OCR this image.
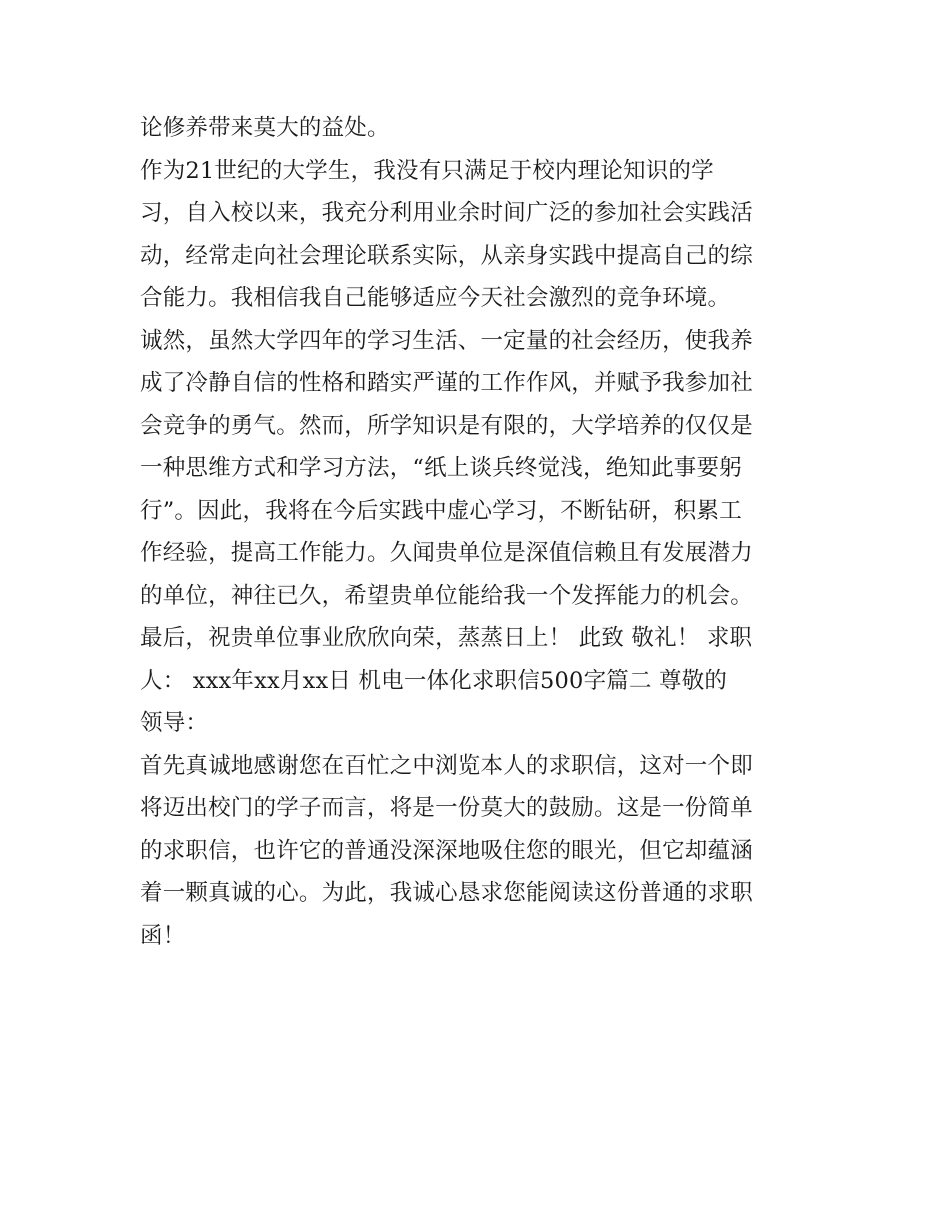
论修养带来莫大的益处。
作为21世纪的大学生，我没有只满足于校内理论知识的学
习，自入校以来，我充分利用业余时间广泛的参加社会实践活
动，经常走向社会理论联系实际，从亲身实践中提高自己的综
合能力。我相信我自己能够适应今天社会激烈的竞争环境。
诚然，虽然大学四年的学习生活、一定量的社会经历，使我养
成了冷静自信的性格和踏实严谨的工作作风，并赋予我参加社
会竞争的勇气。然而，所学知识是有限的，大学培养的仅仅是
一种思维方式和学习方法，“纸上谈兵终觉浅，绝知此事要躬
行”。因此，我将在今后实践中虚心学习，不断钻研，积累工
作经验，提高工作能力。久闻贵单位是深值信赖且有发展潜力
的单位，神往已久，希望贵单位能给我一个发挥能力的机会。
最后，祝贵单位事业欣欣向荣，蒸蒸日上！ 此致 敬礼！ 求职
人： xxx年xx月xx日 机电一体化求职信500字篇二 尊敬的
领导：
首先真诚地感谢您在百忙之中浏览本人的求职信，这对一个即
将迈出校门的学子而言，将是一份莫大的鼓励。这是一份简单
的求职信，也许它的普通没深深地吸住您的眼光，但它却蕴涵
着一颗真诚的心。为此，我诚心恳求您能阅读这份普通的求职
函！
